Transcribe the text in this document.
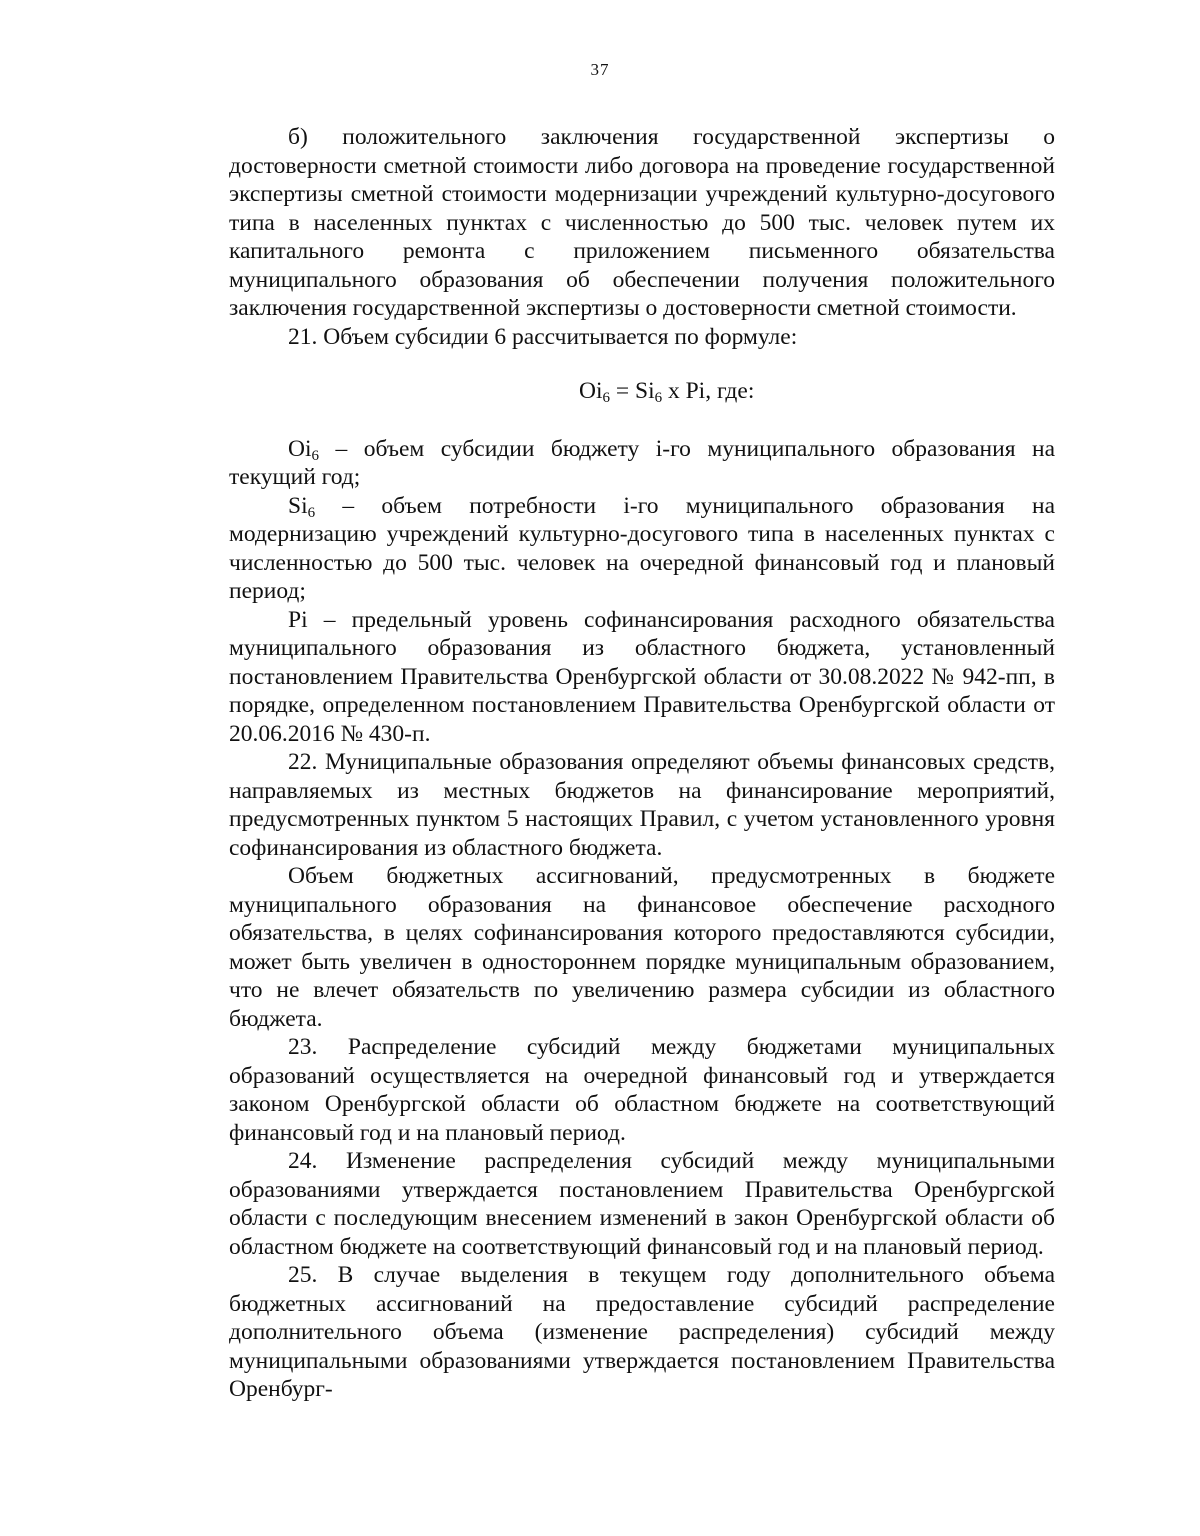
37

б) положительного заключения государственной экспертизы о достоверности сметной стоимости либо договора на проведение государственной экспертизы сметной стоимости модернизации учреждений культурно-досугового типа в населенных пунктах с численностью до 500 тыс. человек путем их капитального ремонта с приложением письменного обязательства муниципального образования об обеспечении получения положительного заключения государственной экспертизы о достоверности сметной стоимости.

21. Объем субсидии 6 рассчитывается по формуле:

$Oi_6 = Si_6$ x Pi, где:

$Oi_6$ – объем субсидии бюджету i-го муниципального образования на текущий год;

$Si_6$ – объем потребности i-го муниципального образования на модернизацию учреждений культурно-досугового типа в населенных пунктах с численностью до 500 тыс. человек на очередной финансовый год и плановый период;

Pi – предельный уровень софинансирования расходного обязательства муниципального образования из областного бюджета, установленный постановлением Правительства Оренбургской области от 30.08.2022 № 942-пп, в порядке, определенном постановлением Правительства Оренбургской области от 20.06.2016 № 430-п.

22. Муниципальные образования определяют объемы финансовых средств, направляемых из местных бюджетов на финансирование мероприятий, предусмотренных пунктом 5 настоящих Правил, с учетом установленного уровня софинансирования из областного бюджета.

Объем бюджетных ассигнований, предусмотренных в бюджете муниципального образования на финансовое обеспечение расходного обязательства, в целях софинансирования которого предоставляются субсидии, может быть увеличен в одностороннем порядке муниципальным образованием, что не влечет обязательств по увеличению размера субсидии из областного бюджета.

23. Распределение субсидий между бюджетами муниципальных образований осуществляется на очередной финансовый год и утверждается законом Оренбургской области об областном бюджете на соответствующий финансовый год и на плановый период.

24. Изменение распределения субсидий между муниципальными образованиями утверждается постановлением Правительства Оренбургской области с последующим внесением изменений в закон Оренбургской области об областном бюджете на соответствующий финансовый год и на плановый период.

25. В случае выделения в текущем году дополнительного объема бюджетных ассигнований на предоставление субсидий распределение дополнительного объема (изменение распределения) субсидий между муниципальными образованиями утверждается постановлением Правительства Оренбург-
